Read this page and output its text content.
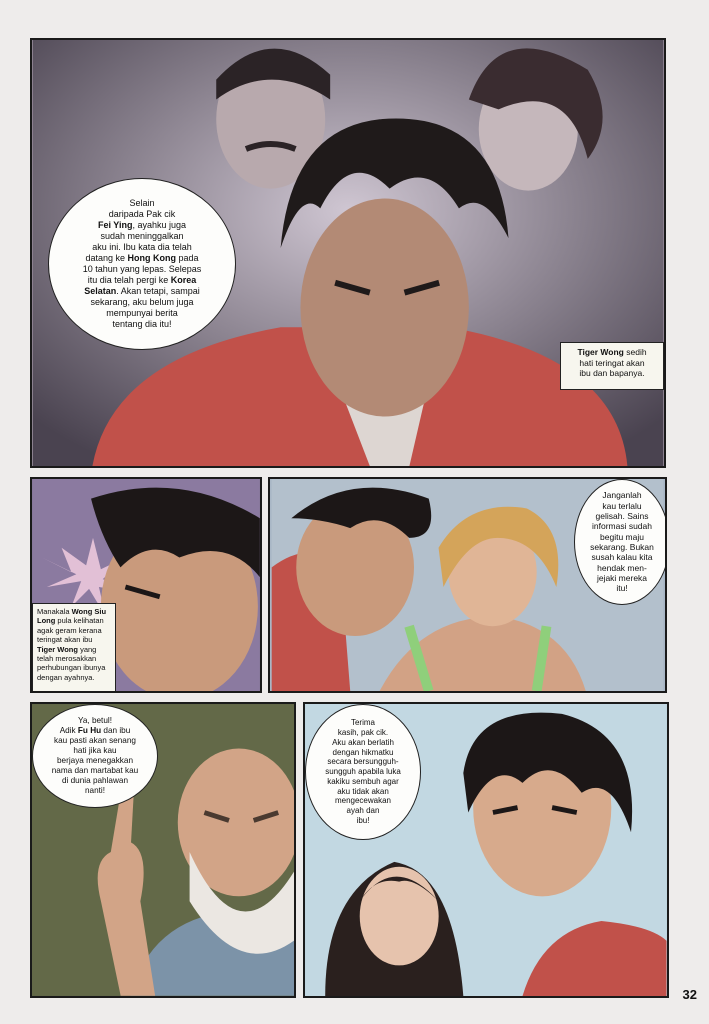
Selain
daripada Pak cik
Fei Ying, ayahku juga
sudah meninggalkan
aku ini. Ibu kata dia telah
datang ke Hong Kong pada
10 tahun yang lepas. Selepas
itu dia telah pergi ke Korea
Selatan. Akan tetapi, sampai
sekarang, aku belum juga
mempunyai berita
tentang dia itu!
Tiger Wong sedih
hati teringat akan
ibu dan bapanya.
Manakala Wong Siu
Long pula kelihatan
agak geram kerana
teringat akan ibu
Tiger Wong yang
telah merosakkan
perhubungan ibunya
dengan ayahnya.
Janganlah
kau terlalu
gelisah. Sains
informasi sudah
begitu maju
sekarang. Bukan
susah kalau kita
hendak men-
jejaki mereka
itu!
Ya, betul!
Adik Fu Hu dan ibu
kau pasti akan senang
hati jika kau
berjaya menegakkan
nama dan martabat kau
di dunia pahlawan
nanti!
Terima
kasih, pak cik.
Aku akan berlatih
dengan hikmatku
secara bersungguh-
sungguh apabila luka
kakiku sembuh agar
aku tidak akan
mengecewakan
ayah dan
ibu!
32
